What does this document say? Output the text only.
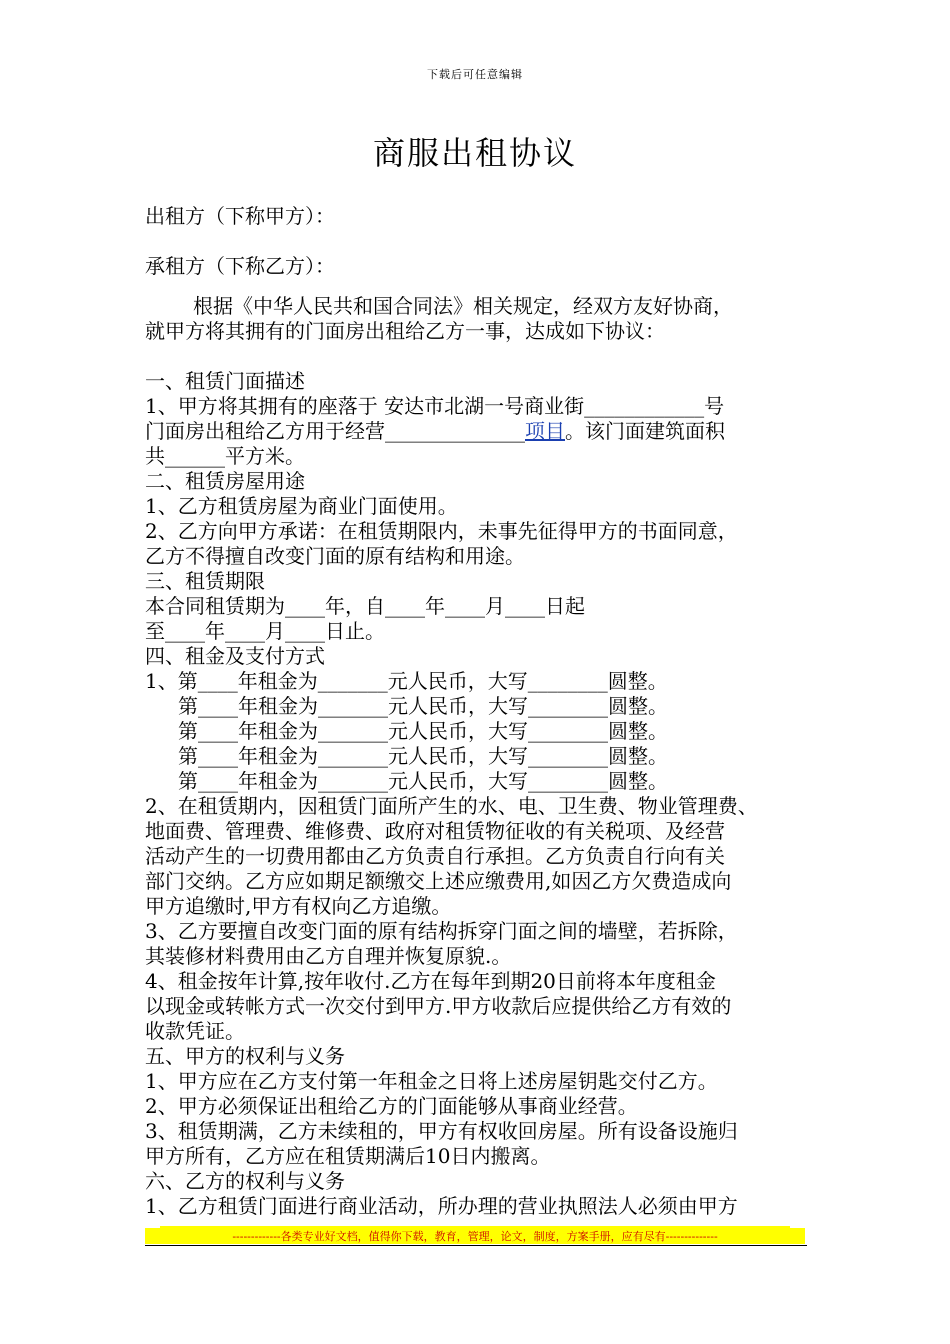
下载后可任意编辑
商服出租协议
出租方（下称甲方）：
承租方（下称乙方）：

根据《中华人民共和国合同法》相关规定，经双方友好协商，

就甲方将其拥有的门面房出租给乙方一事，达成如下协议：

一、租赁门面描述

1、甲方将其拥有的座落于 安达市北湖一号商业街____________号

门面房出租给乙方用于经营______________项目。该门面建筑面积

共______平方米。

二、租赁房屋用途

1、乙方租赁房屋为商业门面使用。

2、乙方向甲方承诺：在租赁期限内，未事先征得甲方的书面同意，

乙方不得擅自改变门面的原有结构和用途。

三、租赁期限

本合同租赁期为____年，自____年____月____日起

至____年____月____日止。

四、租金及支付方式

1、第____年租金为_______元人民币，大写________圆整。

第____年租金为_______元人民币，大写________圆整。

第____年租金为_______元人民币，大写________圆整。

第____年租金为_______元人民币，大写________圆整。

第____年租金为_______元人民币，大写________圆整。

2、在租赁期内，因租赁门面所产生的水、电、卫生费、物业管理费、

地面费、管理费、维修费、政府对租赁物征收的有关税项、及经营

活动产生的一切费用都由乙方负责自行承担。乙方负责自行向有关

部门交纳。乙方应如期足额缴交上述应缴费用,如因乙方欠费造成向

甲方追缴时,甲方有权向乙方追缴。

3、乙方要擅自改变门面的原有结构拆穿门面之间的墙壁，若拆除，

其装修材料费用由乙方自理并恢复原貌.。

4、租金按年计算,按年收付.乙方在每年到期20日前将本年度租金

以现金或转帐方式一次交付到甲方.甲方收款后应提供给乙方有效的

收款凭证。

五、甲方的权利与义务

1、甲方应在乙方支付第一年租金之日将上述房屋钥匙交付乙方。

2、甲方必须保证出租给乙方的门面能够从事商业经营。

3、租赁期满，乙方未续租的，甲方有权收回房屋。所有设备设施归

甲方所有，乙方应在租赁期满后10日内搬离。

六、乙方的权利与义务

1、乙方租赁门面进行商业活动，所办理的营业执照法人必须由甲方

-------------各类专业好文档，值得你下载，教育，管理，论文，制度，方案手册，应有尽有--------------
